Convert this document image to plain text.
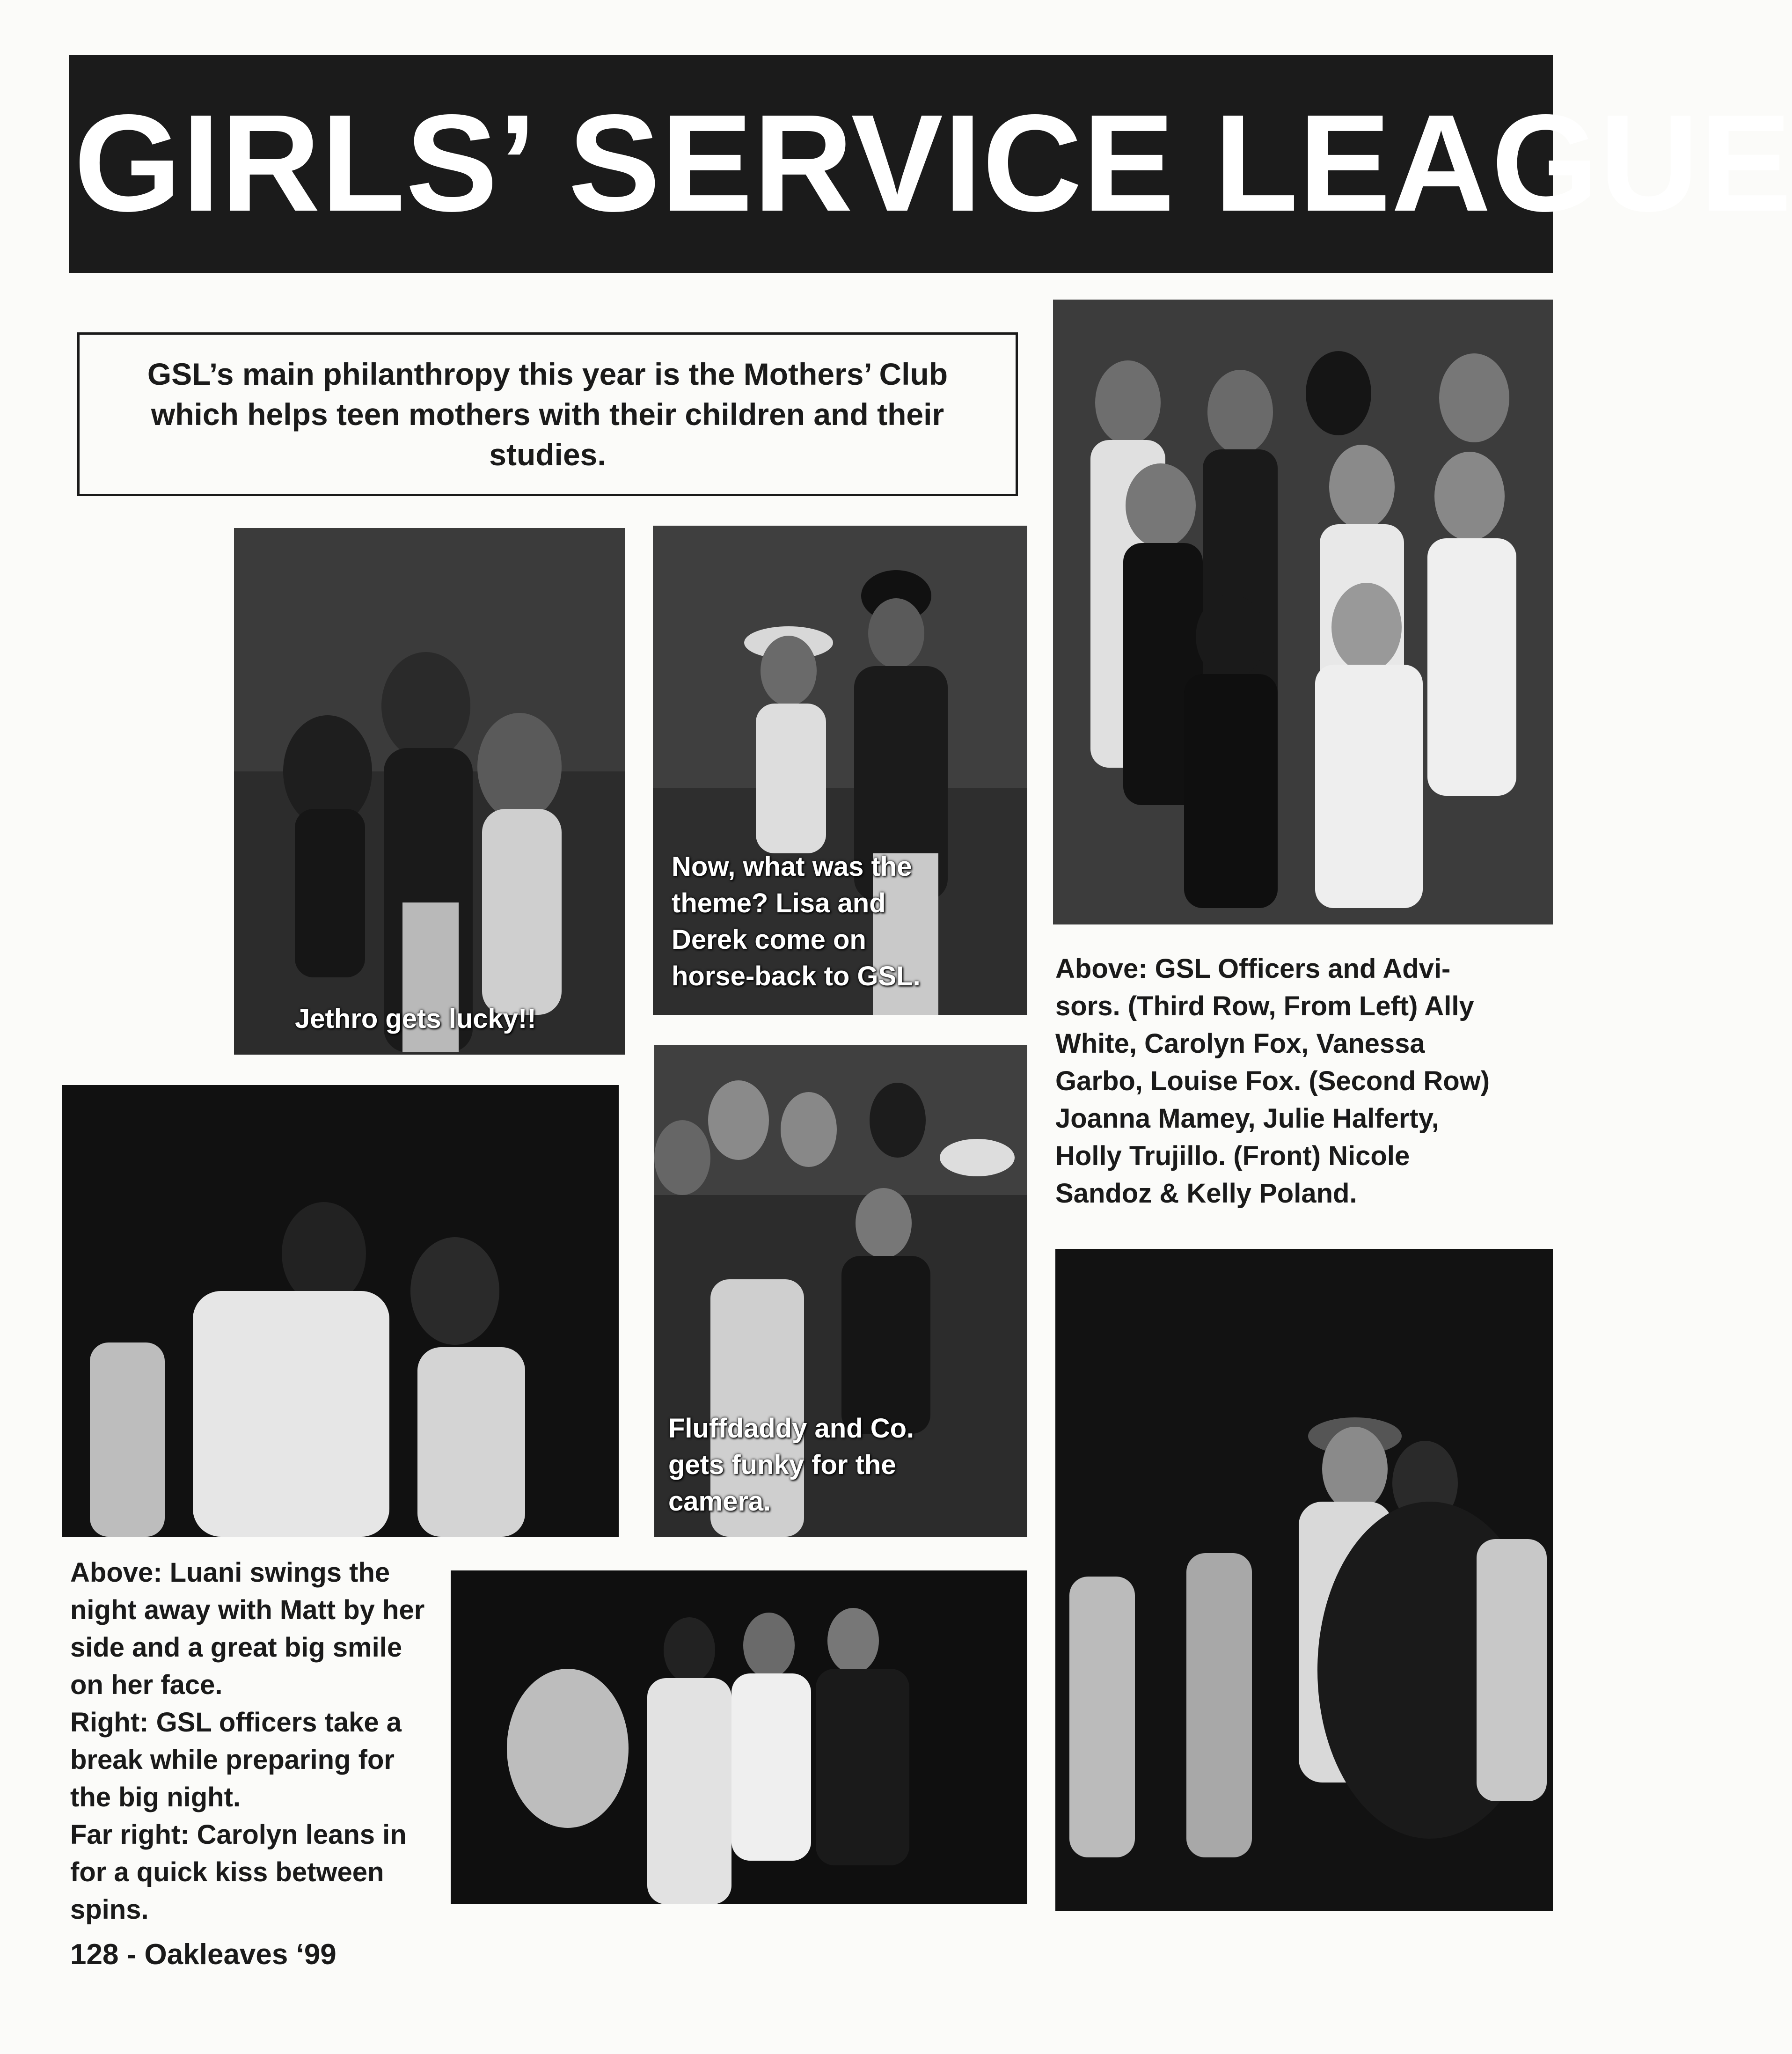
GIRLS’ SERVICE LEAGUE

GSL’s main philanthropy this year is the Mothers’ Club which helps teen mothers with their children and their studies.

Jethro gets lucky!!

Now, what was the theme? Lisa and Derek come on horse-back to GSL.	Above: GSL Officers and Advi-sors. (Third Row, From Left) Ally White, Carolyn Fox, Vanessa Garbo, Louise Fox. (Second Row) Joanna Mamey, Julie Halferty, Holly Trujillo. (Front) Nicole Sandoz & Kelly Poland.

Fluffdaddy and Co. gets funky for the camera.

Above: Luani swings the night away with Matt by her side and a great big smile on her face.

Right: GSL officers take a break while preparing for the big night.

Far right: Carolyn leans in for a quick kiss between spins.

128 - Oakleaves ‘99
